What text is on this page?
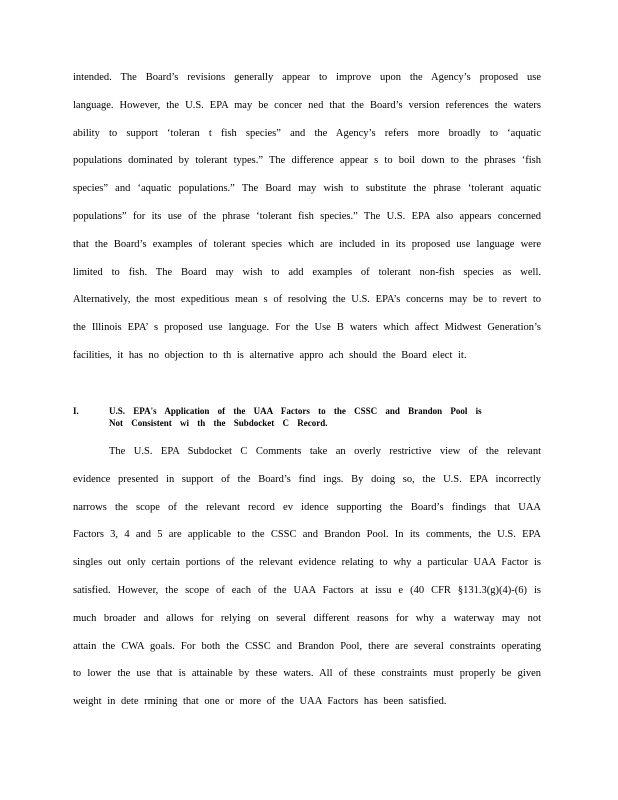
intended. The Board’s revisions generally appear to improve upon the Agency’s proposed use language. However, the U.S. EPA may be concer ned that the Board’s version references the waters ability to support ‘toleran t fish species” and the Agency’s refers more broadly to ‘aquatic populations dominated by tolerant types.” The difference appear s to boil down to the phrases ‘fish species” and ‘aquatic populations.” The Board may wish to substitute the phrase ‘tolerant aquatic populations” for its use of the phrase ‘tolerant fish species.” The U.S. EPA also appears concerned that the Board’s examples of tolerant species which are included in its proposed use language were limited to fish. The Board may wish to add examples of tolerant non-fish species as well. Alternatively, the most expeditious mean s of resolving the U.S. EPA’s concerns may be to revert to the Illinois EPA’ s proposed use language. For the Use B waters which affect Midwest Generation’s facilities, it has no objection to th is alternative appro ach should the Board elect it.

I.	U.S. EPA's Application of the UAA Factors to the CSSC and Brandon Pool is Not Consistent wi th the Subdocket C Record.

The U.S. EPA Subdocket C Comments take an overly restrictive view of the relevant evidence presented in support of the Board’s find ings. By doing so, the U.S. EPA incorrectly narrows the scope of the relevant record ev idence supporting the Board’s findings that UAA Factors 3, 4 and 5 are applicable to the CSSC and Brandon Pool. In its comments, the U.S. EPA singles out only certain portions of the relevant evidence relating to why a particular UAA Factor is satisfied. However, the scope of each of the UAA Factors at issu e (40 CFR §131.3(g)(4)-(6) is much broader and allows for relying on several different reasons for why a waterway may not attain the CWA goals. For both the CSSC and Brandon Pool, there are several constraints operating to lower the use that is attainable by these waters. All of these constraints must properly be given weight in dete rmining that one or more of the UAA Factors has been satisfied.
